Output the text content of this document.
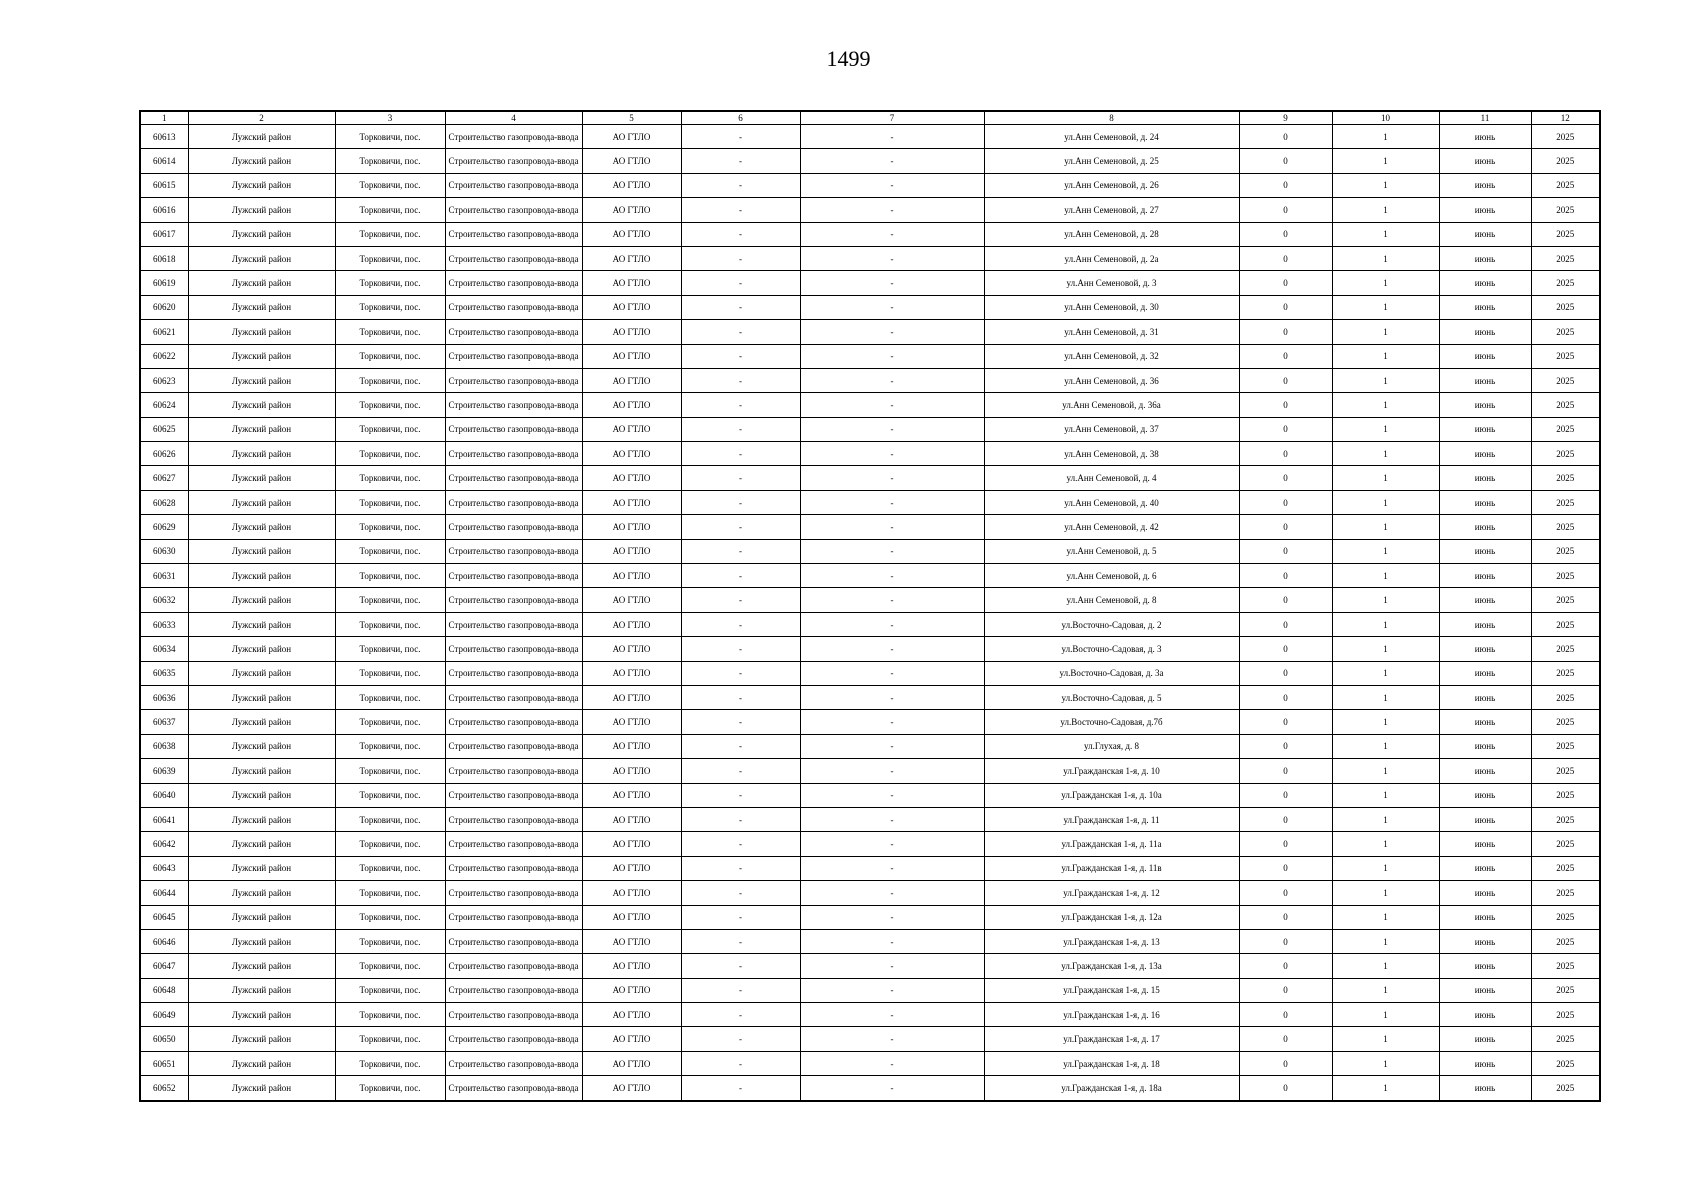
1499
1	2	3	4	5	6	7	8	9	10	11	12
60613	Лужский район	Торковичи, пос.	Строительство газопровода-ввода	АО ГТЛО	-	-	ул.Анн Семеновой, д. 24	0	1	июнь	2025
60614	Лужский район	Торковичи, пос.	Строительство газопровода-ввода	АО ГТЛО	-	-	ул.Анн Семеновой, д. 25	0	1	июнь	2025
60615	Лужский район	Торковичи, пос.	Строительство газопровода-ввода	АО ГТЛО	-	-	ул.Анн Семеновой, д. 26	0	1	июнь	2025
60616	Лужский район	Торковичи, пос.	Строительство газопровода-ввода	АО ГТЛО	-	-	ул.Анн Семеновой, д. 27	0	1	июнь	2025
60617	Лужский район	Торковичи, пос.	Строительство газопровода-ввода	АО ГТЛО	-	-	ул.Анн Семеновой, д. 28	0	1	июнь	2025
60618	Лужский район	Торковичи, пос.	Строительство газопровода-ввода	АО ГТЛО	-	-	ул.Анн Семеновой, д. 2а	0	1	июнь	2025
60619	Лужский район	Торковичи, пос.	Строительство газопровода-ввода	АО ГТЛО	-	-	ул.Анн Семеновой, д. 3	0	1	июнь	2025
60620	Лужский район	Торковичи, пос.	Строительство газопровода-ввода	АО ГТЛО	-	-	ул.Анн Семеновой, д. 30	0	1	июнь	2025
60621	Лужский район	Торковичи, пос.	Строительство газопровода-ввода	АО ГТЛО	-	-	ул.Анн Семеновой, д. 31	0	1	июнь	2025
60622	Лужский район	Торковичи, пос.	Строительство газопровода-ввода	АО ГТЛО	-	-	ул.Анн Семеновой, д. 32	0	1	июнь	2025
60623	Лужский район	Торковичи, пос.	Строительство газопровода-ввода	АО ГТЛО	-	-	ул.Анн Семеновой, д. 36	0	1	июнь	2025
60624	Лужский район	Торковичи, пос.	Строительство газопровода-ввода	АО ГТЛО	-	-	ул.Анн Семеновой, д. 36а	0	1	июнь	2025
60625	Лужский район	Торковичи, пос.	Строительство газопровода-ввода	АО ГТЛО	-	-	ул.Анн Семеновой, д. 37	0	1	июнь	2025
60626	Лужский район	Торковичи, пос.	Строительство газопровода-ввода	АО ГТЛО	-	-	ул.Анн Семеновой, д. 38	0	1	июнь	2025
60627	Лужский район	Торковичи, пос.	Строительство газопровода-ввода	АО ГТЛО	-	-	ул.Анн Семеновой, д. 4	0	1	июнь	2025
60628	Лужский район	Торковичи, пос.	Строительство газопровода-ввода	АО ГТЛО	-	-	ул.Анн Семеновой, д. 40	0	1	июнь	2025
60629	Лужский район	Торковичи, пос.	Строительство газопровода-ввода	АО ГТЛО	-	-	ул.Анн Семеновой, д. 42	0	1	июнь	2025
60630	Лужский район	Торковичи, пос.	Строительство газопровода-ввода	АО ГТЛО	-	-	ул.Анн Семеновой, д. 5	0	1	июнь	2025
60631	Лужский район	Торковичи, пос.	Строительство газопровода-ввода	АО ГТЛО	-	-	ул.Анн Семеновой, д. 6	0	1	июнь	2025
60632	Лужский район	Торковичи, пос.	Строительство газопровода-ввода	АО ГТЛО	-	-	ул.Анн Семеновой, д. 8	0	1	июнь	2025
60633	Лужский район	Торковичи, пос.	Строительство газопровода-ввода	АО ГТЛО	-	-	ул.Восточно-Садовая, д. 2	0	1	июнь	2025
60634	Лужский район	Торковичи, пос.	Строительство газопровода-ввода	АО ГТЛО	-	-	ул.Восточно-Садовая, д. 3	0	1	июнь	2025
60635	Лужский район	Торковичи, пос.	Строительство газопровода-ввода	АО ГТЛО	-	-	ул.Восточно-Садовая, д. 3а	0	1	июнь	2025
60636	Лужский район	Торковичи, пос.	Строительство газопровода-ввода	АО ГТЛО	-	-	ул.Восточно-Садовая, д. 5	0	1	июнь	2025
60637	Лужский район	Торковичи, пос.	Строительство газопровода-ввода	АО ГТЛО	-	-	ул.Восточно-Садовая, д.7б	0	1	июнь	2025
60638	Лужский район	Торковичи, пос.	Строительство газопровода-ввода	АО ГТЛО	-	-	ул.Глухая, д. 8	0	1	июнь	2025
60639	Лужский район	Торковичи, пос.	Строительство газопровода-ввода	АО ГТЛО	-	-	ул.Гражданская 1-я, д. 10	0	1	июнь	2025
60640	Лужский район	Торковичи, пос.	Строительство газопровода-ввода	АО ГТЛО	-	-	ул.Гражданская 1-я, д. 10а	0	1	июнь	2025
60641	Лужский район	Торковичи, пос.	Строительство газопровода-ввода	АО ГТЛО	-	-	ул.Гражданская 1-я, д. 11	0	1	июнь	2025
60642	Лужский район	Торковичи, пос.	Строительство газопровода-ввода	АО ГТЛО	-	-	ул.Гражданская 1-я, д. 11а	0	1	июнь	2025
60643	Лужский район	Торковичи, пос.	Строительство газопровода-ввода	АО ГТЛО	-	-	ул.Гражданская 1-я, д. 11в	0	1	июнь	2025
60644	Лужский район	Торковичи, пос.	Строительство газопровода-ввода	АО ГТЛО	-	-	ул.Гражданская 1-я, д. 12	0	1	июнь	2025
60645	Лужский район	Торковичи, пос.	Строительство газопровода-ввода	АО ГТЛО	-	-	ул.Гражданская 1-я, д. 12а	0	1	июнь	2025
60646	Лужский район	Торковичи, пос.	Строительство газопровода-ввода	АО ГТЛО	-	-	ул.Гражданская 1-я, д. 13	0	1	июнь	2025
60647	Лужский район	Торковичи, пос.	Строительство газопровода-ввода	АО ГТЛО	-	-	ул.Гражданская 1-я, д. 13а	0	1	июнь	2025
60648	Лужский район	Торковичи, пос.	Строительство газопровода-ввода	АО ГТЛО	-	-	ул.Гражданская 1-я, д. 15	0	1	июнь	2025
60649	Лужский район	Торковичи, пос.	Строительство газопровода-ввода	АО ГТЛО	-	-	ул.Гражданская 1-я, д. 16	0	1	июнь	2025
60650	Лужский район	Торковичи, пос.	Строительство газопровода-ввода	АО ГТЛО	-	-	ул.Гражданская 1-я, д. 17	0	1	июнь	2025
60651	Лужский район	Торковичи, пос.	Строительство газопровода-ввода	АО ГТЛО	-	-	ул.Гражданская 1-я, д. 18	0	1	июнь	2025
60652	Лужский район	Торковичи, пос.	Строительство газопровода-ввода	АО ГТЛО	-	-	ул.Гражданская 1-я, д. 18а	0	1	июнь	2025
